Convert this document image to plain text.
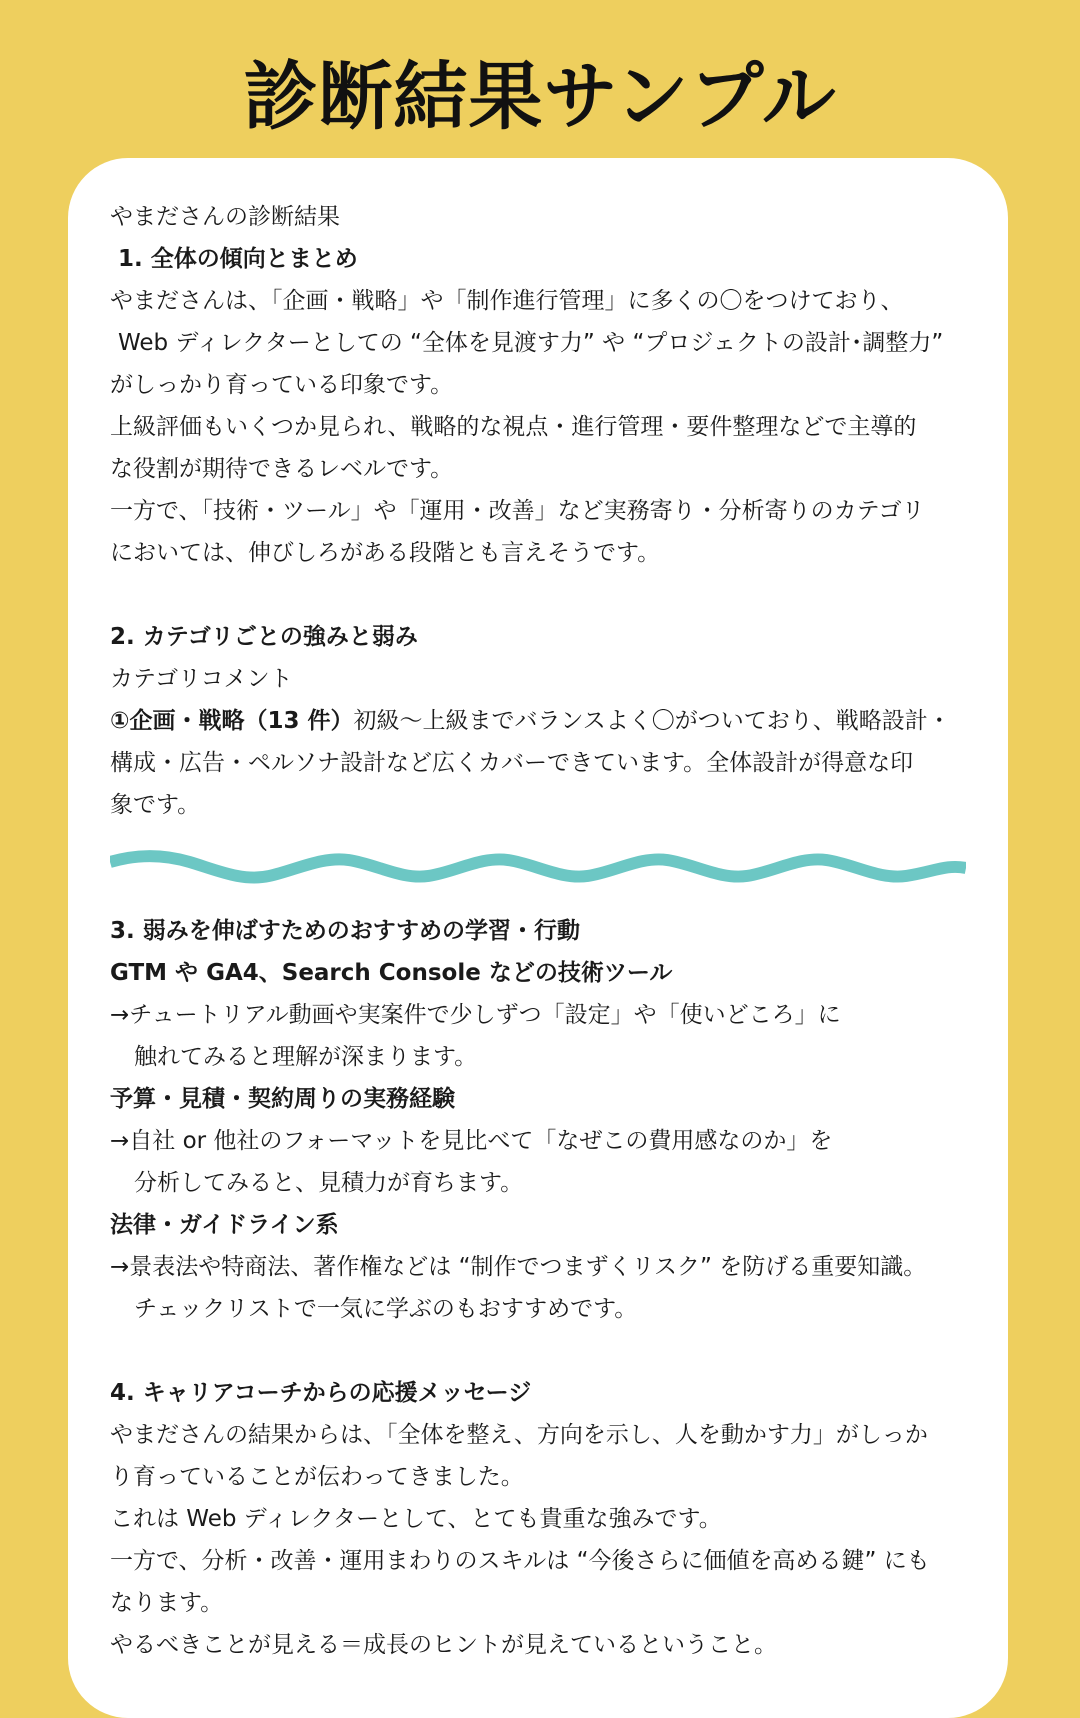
診断結果サンプル

やまださんの診断結果

1. 全体の傾向とまとめ

やまださんは、「企画・戦略」や「制作進行管理」に多くの〇をつけており、

Web ディレクターとしての “全体を見渡す力” や “プロジェクトの設計･調整力”

がしっかり育っている印象です。

上級評価もいくつか見られ、戦略的な視点・進行管理・要件整理などで主導的

な役割が期待できるレベルです。

一方で、「技術・ツール」や「運用・改善」など実務寄り・分析寄りのカテゴリ

においては、伸びしろがある段階とも言えそうです。

2. カテゴリごとの強みと弱み

カテゴリコメント

①企画・戦略（13 件）初級～上級までバランスよく〇がついており、戦略設計・

構成・広告・ペルソナ設計など広くカバーできています。全体設計が得意な印

象です。

3. 弱みを伸ばすためのおすすめの学習・行動

GTM や GA4、Search Console などの技術ツール

→チュートリアル動画や実案件で少しずつ「設定」や「使いどころ」に

触れてみると理解が深まります。

予算・見積・契約周りの実務経験

→自社 or 他社のフォーマットを見比べて「なぜこの費用感なのか」を

分析してみると、見積力が育ちます。

法律・ガイドライン系

→景表法や特商法、著作権などは “制作でつまずくリスク” を防げる重要知識。

チェックリストで一気に学ぶのもおすすめです。

4. キャリアコーチからの応援メッセージ

やまださんの結果からは、「全体を整え、方向を示し、人を動かす力」がしっか

り育っていることが伝わってきました。

これは Web ディレクターとして、とても貴重な強みです。

一方で、分析・改善・運用まわりのスキルは “今後さらに価値を高める鍵” にも

なります。

やるべきことが見える＝成長のヒントが見えているということ。
